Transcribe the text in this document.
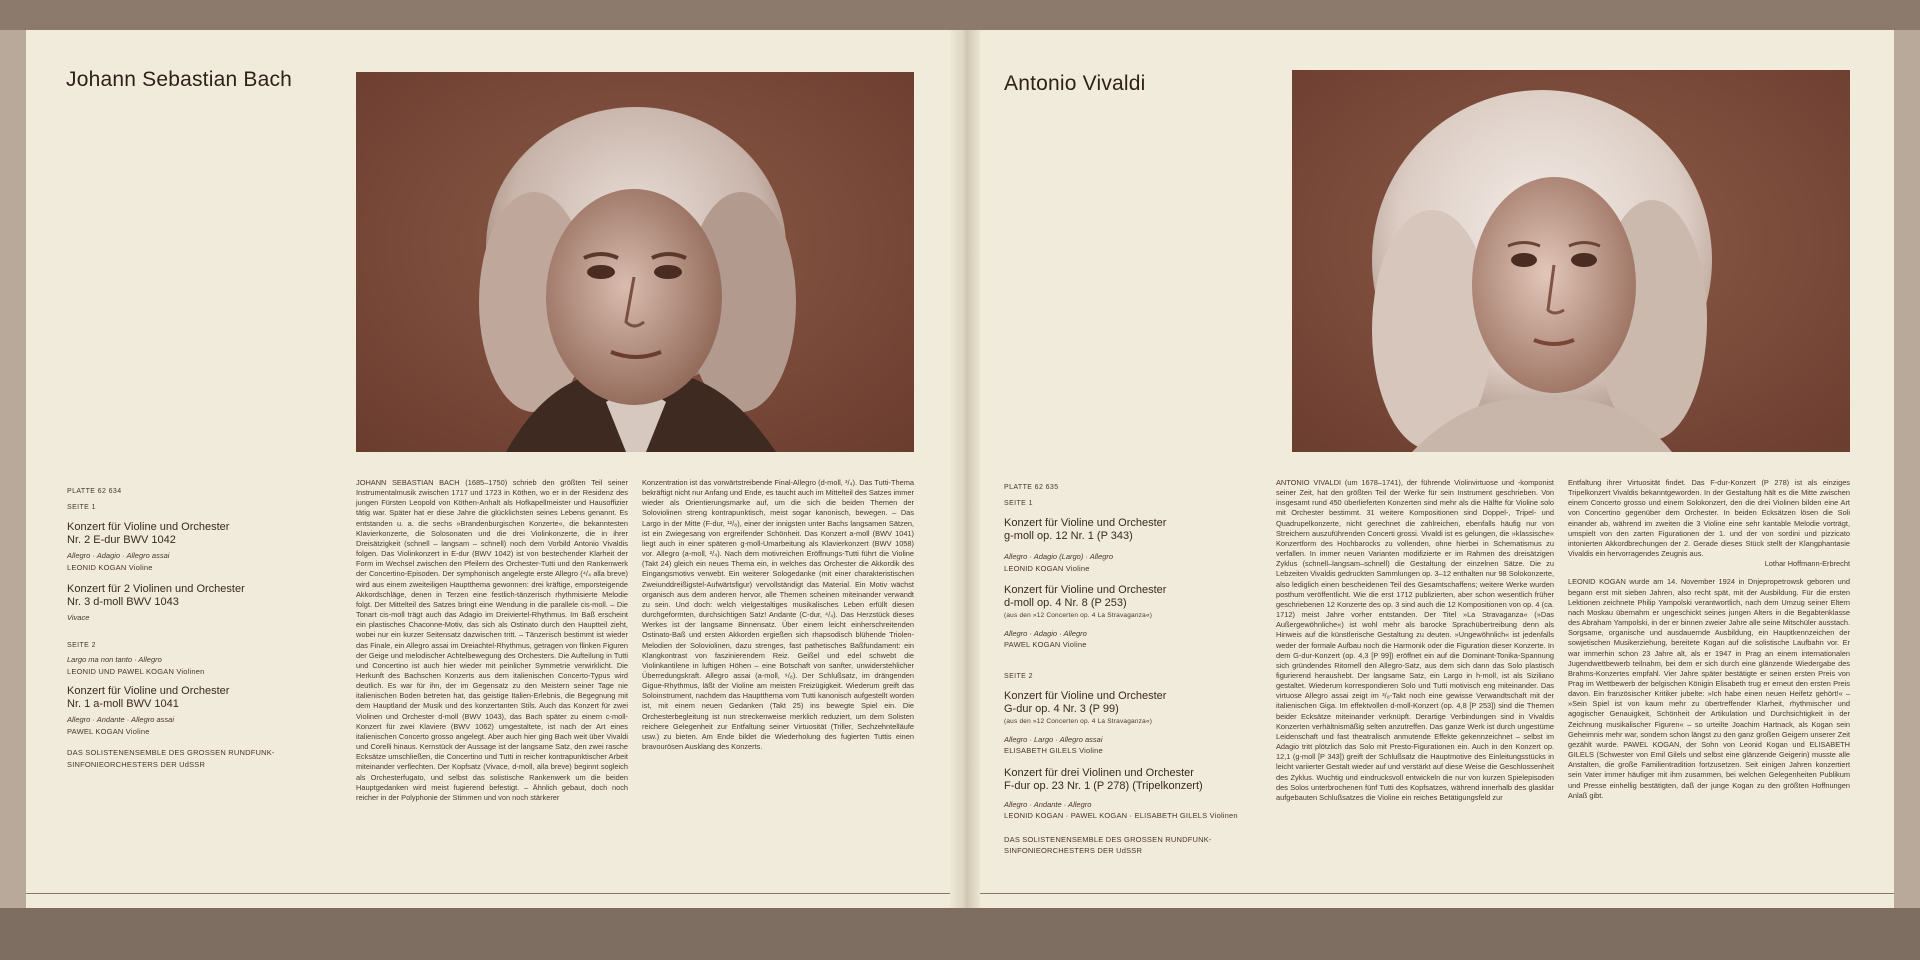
Johann Sebastian Bach
PLATTE 62 634
SEITE 1
Konzert für Violine und Orchester
Nr. 2 E-dur BWV 1042
Allegro · Adagio · Allegro assai
LEONID KOGAN Violine
Konzert für 2 Violinen und Orchester
Nr. 3 d-moll BWV 1043
Vivace
SEITE 2
Largo ma non tanto · Allegro
LEONID UND PAWEL KOGAN Violinen
Konzert für Violine und Orchester
Nr. 1 a-moll BWV 1041
Allegro · Andante · Allegro assai
PAWEL KOGAN Violine
DAS SOLISTENENSEMBLE DES GROSSEN RUNDFUNK-
SINFONIEORCHESTERS DER UdSSR

JOHANN SEBASTIAN BACH (1685–1750) schrieb den größten Teil seiner Instrumentalmusik zwischen 1717 und 1723 in Köthen, wo er in der Residenz des jungen Fürsten Leopold von Köthen-Anhalt als Hofkapellmeister und Hausoffizier tätig war. Später hat er diese Jahre die glücklichsten seines Lebens genannt. Es entstanden u. a. die sechs »Brandenburgischen Konzerte«, die bekanntesten Klavierkonzerte, die Solosonaten und die drei Violinkonzerte, die in ihrer Dreisätzigkeit (schnell – langsam – schnell) noch dem Vorbild Antonio Vivaldis folgen. Das Violinkonzert in E-dur (BWV 1042) ist von bestechender Klarheit der Form im Wechsel zwischen den Pfeilern des Orchester-Tutti und den Rankenwerk der Concertino-Episoden. Der symphonisch angelegte erste Allegro (⁴/₄ alla breve) wird aus einem zweiteiligen Hauptthema gewonnen: drei kräftige, emporsteigende Akkordschläge, denen in Terzen eine festlich-tänzerisch rhythmisierte Melodie folgt. Der Mittelteil des Satzes bringt eine Wendung in die parallele cis-moll. – Die Tonart cis-moll trägt auch das Adagio im Dreiviertel-Rhythmus. Im Baß erscheint ein plastisches Chaconne-Motiv, das sich als Ostinato durch den Hauptteil zieht, wobei nur ein kurzer Seitensatz dazwischen tritt. – Tänzerisch bestimmt ist wieder das Finale, ein Allegro assai im Dreiachtel-Rhythmus, getragen von flinken Figuren der Geige und melodischer Achtelbewegung des Orchesters. Die Aufteilung in Tutti und Concertino ist auch hier wieder mit peinlicher Symmetrie verwirklicht. Die Herkunft des Bachschen Konzerts aus dem italienischen Concerto-Typus wird deutlich. Es war für ihn, der im Gegensatz zu den Meistern seiner Tage nie italienischen Boden betreten hat, das geistige Italien-Erlebnis, die Begegnung mit dem Hauptland der Musik und des konzertanten Stils. Auch das Konzert für zwei Violinen und Orchester d-moll (BWV 1043), das Bach später zu einem c-moll-Konzert für zwei Klaviere (BWV 1062) umgestaltete, ist nach der Art eines italienischen Concerto grosso angelegt. Aber auch hier ging Bach weit über Vivaldi und Corelli hinaus. Kernstück der Aussage ist der langsame Satz, den zwei rasche Ecksätze umschließen, die Concertino und Tutti in reicher kontrapunktischer Arbeit miteinander verflechten. Der Kopfsatz (Vivace, d-moll, alla breve) beginnt sogleich als Orchesterfugato, und selbst das solistische Rankenwerk um die beiden Hauptgedanken wird meist fugierend befestigt. – Ähnlich gebaut, doch noch reicher in der Polyphonie der Stimmen und von noch stärkerer

Konzentration ist das vorwärtstreibende Final-Allegro (d-moll, ³/₄). Das Tutti-Thema bekräftigt nicht nur Anfang und Ende, es taucht auch im Mittelteil des Satzes immer wieder als Orientierungsmarke auf, um die sich die beiden Themen der Soloviolinen streng kontrapunktisch, meist sogar kanonisch, bewegen. – Das Largo in der Mitte (F-dur, ¹²/₈), einer der innigsten unter Bachs langsamen Sätzen, ist ein Zwiegesang von ergreifender Schönheit. Das Konzert a-moll (BWV 1041) liegt auch in einer späteren g-moll-Umarbeitung als Klavierkonzert (BWV 1058) vor. Allegro (a-moll, ²/₄). Nach dem motivreichen Eröffnungs-Tutti führt die Violine (Takt 24) gleich ein neues Thema ein, in welches das Orchester die Akkordik des Eingangsmotivs verwebt. Ein weiterer Sologedanke (mit einer charakteristischen Zweiunddreißigstel-Aufwärtsfigur) vervollständigt das Material. Ein Motiv wächst organisch aus dem anderen hervor, alle Themen scheinen miteinander verwandt zu sein. Und doch: welch vielgestaltiges musikalisches Leben erfüllt diesen durchgeformten, durchsichtigen Satz! Andante (C-dur, ⁴/₄). Das Herzstück dieses Werkes ist der langsame Binnensatz. Über einem leicht einherschreitenden Ostinato-Baß und ersten Akkorden ergießen sich rhapsodisch blühende Triolen-Melodien der Soloviolinen, dazu strenges, fast pathetisches Baßfundament: ein Klangkontrast von faszinierendem Reiz. Geißel und edel schwebt die Violinkantilene in luftigen Höhen – eine Botschaft von sanfter, unwiderstehlicher Überredungskraft. Allegro assai (a-moll, ⁹/₈). Der Schlußsatz, im drängenden Gigue-Rhythmus, läßt der Violine am meisten Freizügigkeit. Wiederum greift das Soloinstrument, nachdem das Hauptthema vom Tutti kanonisch aufgestellt worden ist, mit einem neuen Gedanken (Takt 25) ins bewegte Spiel ein. Die Orchesterbegleitung ist nun streckenweise merklich reduziert, um dem Solisten reichere Gelegenheit zur Entfaltung seiner Virtuosität (Triller, Sechzehntelläufe usw.) zu bieten. Am Ende bildet die Wiederholung des fugierten Tuttis einen bravourösen Ausklang des Konzerts.

Antonio Vivaldi
PLATTE 62 635
SEITE 1
Konzert für Violine und Orchester
g-moll op. 12 Nr. 1 (P 343)
Allegro · Adagio (Largo) · Allegro
LEONID KOGAN Violine
Konzert für Violine und Orchester
d-moll op. 4 Nr. 8 (P 253)
(aus den »12 Concerten op. 4 La Stravaganza«)
Allegro · Adagio · Allegro
PAWEL KOGAN Violine
SEITE 2
Konzert für Violine und Orchester
G-dur op. 4 Nr. 3 (P 99)
(aus den »12 Concerten op. 4 La Stravaganza«)
Allegro · Largo · Allegro assai
ELISABETH GILELS Violine
Konzert für drei Violinen und Orchester
F-dur op. 23 Nr. 1 (P 278) (Tripelkonzert)
Allegro · Andante · Allegro
LEONID KOGAN · PAWEL KOGAN · ELISABETH GILELS Violinen
DAS SOLISTENENSEMBLE DES GROSSEN RUNDFUNK-
SINFONIEORCHESTERS DER UdSSR

ANTONIO VIVALDI (um 1678–1741), der führende Violinvirtuose und -komponist seiner Zeit, hat den größten Teil der Werke für sein Instrument geschrieben. Von insgesamt rund 450 überlieferten Konzerten sind mehr als die Hälfte für Violine solo mit Orchester bestimmt. 31 weitere Kompositionen sind Doppel-, Tripel- und Quadrupelkonzerte, nicht gerechnet die zahlreichen, ebenfalls häufig nur von Streichern auszuführenden Concerti grossi. Vivaldi ist es gelungen, die »klassische« Konzertform des Hochbarocks zu vollenden, ohne hierbei in Schematismus zu verfallen. In immer neuen Varianten modifizierte er im Rahmen des dreisätzigen Zyklus (schnell–langsam–schnell) die Gestaltung der einzelnen Sätze. Die zu Lebzeiten Vivaldis gedruckten Sammlungen op. 3–12 enthalten nur 98 Solokonzerte, also lediglich einen bescheidenen Teil des Gesamtschaffens; weitere Werke wurden posthum veröffentlicht. Wie die erst 1712 publizierten, aber schon wesentlich früher geschriebenen 12 Konzerte des op. 3 sind auch die 12 Kompositionen von op. 4 (ca. 1712) meist Jahre vorher entstanden. Der Titel »La Stravaganza« (»Das Außergewöhnliche«) ist wohl mehr als barocke Sprachübertreibung denn als Hinweis auf die künstlerische Gestaltung zu deuten. »Ungewöhnlich« ist jedenfalls weder der formale Aufbau noch die Harmonik oder die Figuration dieser Konzerte. In dem G-dur-Konzert (op. 4,3 [P 99]) eröffnet ein auf die Dominant-Tonika-Spannung sich gründendes Ritornell den Allegro-Satz, aus dem sich dann das Solo plastisch figurierend heraushebt. Der langsame Satz, ein Largo in h-moll, ist als Siziliano gestaltet. Wiederum korrespondieren Solo und Tutti motivisch eng miteinander. Das virtuose Allegro assai zeigt im ³/₈-Takt noch eine gewisse Verwandtschaft mit der italienischen Giga. Im effektvollen d-moll-Konzert (op. 4,8 [P 253]) sind die Themen beider Ecksätze miteinander verknüpft. Derartige Verbindungen sind in Vivaldis Konzerten verhältnismäßig selten anzutreffen. Das ganze Werk ist durch ungestüme Leidenschaft und fast theatralisch anmutende Effekte gekennzeichnet – selbst im Adagio tritt plötzlich das Solo mit Presto-Figurationen ein. Auch in den Konzert op. 12,1 (g-moll [P 343]) greift der Schlußsatz die Hauptmotive des Einleitungsstücks in leicht variierter Gestalt wieder auf und verstärkt auf diese Weise die Geschlossenheit des Zyklus. Wuchtig und eindrucksvoll entwickeln die nur von kurzen Spielepisoden des Solos unterbrochenen fünf Tutti des Kopfsatzes, während innerhalb des glasklar aufgebauten Schlußsatzes die Violine ein reiches Betätigungsfeld zur

Entfaltung ihrer Virtuosität findet. Das F-dur-Konzert (P 278) ist als einziges Tripelkonzert Vivaldis bekanntgeworden. In der Gestaltung hält es die Mitte zwischen einem Concerto grosso und einem Solokonzert, den die drei Violinen bilden eine Art von Concertino gegenüber dem Orchester. In beiden Ecksätzen lösen die Soli einander ab, während im zweiten die 3 Violine eine sehr kantable Melodie vorträgt, umspielt von den zarten Figurationen der 1. und der von sordini und pizzicato intonierten Akkordbrechungen der 2. Gerade dieses Stück stellt der Klangphantasie Vivaldis ein hervorragendes Zeugnis aus.

Lothar Hoffmann-Erbrecht

LEONID KOGAN wurde am 14. November 1924 in Dnjepropetrowsk geboren und begann erst mit sieben Jahren, also recht spät, mit der Ausbildung. Für die ersten Lektionen zeichnete Philip Yampolski verantwortlich, nach dem Umzug seiner Eltern nach Moskau übernahm er ungeschickt seines jungen Alters in die Begabtenklasse des Abraham Yampolski, in der er binnen zweier Jahre alle seine Mitschüler ausstach. Sorgsame, organische und ausdauernde Ausbildung, ein Hauptkennzeichen der sowjetischen Musikerziehung, bereitete Kogan auf die solistische Laufbahn vor. Er war immerhin schon 23 Jahre alt, als er 1947 in Prag an einem internationalen Jugendwettbewerb teilnahm, bei dem er sich durch eine glänzende Wiedergabe des Brahms-Konzertes empfahl. Vier Jahre später bestätigte er seinen ersten Preis von Prag im Wettbewerb der belgischen Königin Elisabeth trug er erneut den ersten Preis davon. Ein französischer Kritiker jubelte: »Ich habe einen neuen Heifetz gehört!« – »Sein Spiel ist von kaum mehr zu übertreffender Klarheit, rhythmischer und agogischer Genauigkeit, Schönheit der Artikulation und Durchsichtigkeit in der Zeichnung musikalischer Figuren« – so urteilte Joachim Hartnack, als Kogan sein Geheimnis mehr war, sondern schon längst zu den ganz großen Geigern unserer Zeit gezählt wurde. PAWEL KOGAN, der Sohn von Leonid Kogan und ELISABETH GILELS (Schwester von Emil Gilels und selbst eine glänzende Geigerin) musste alle Anstalten, die große Familientradition fortzusetzen. Seit einigen Jahren konzertiert sein Vater immer häufiger mit ihm zusammen, bei welchen Gelegenheiten Publikum und Presse einhellig bestätigten, daß der junge Kogan zu den größten Hoffnungen Anlaß gibt.
